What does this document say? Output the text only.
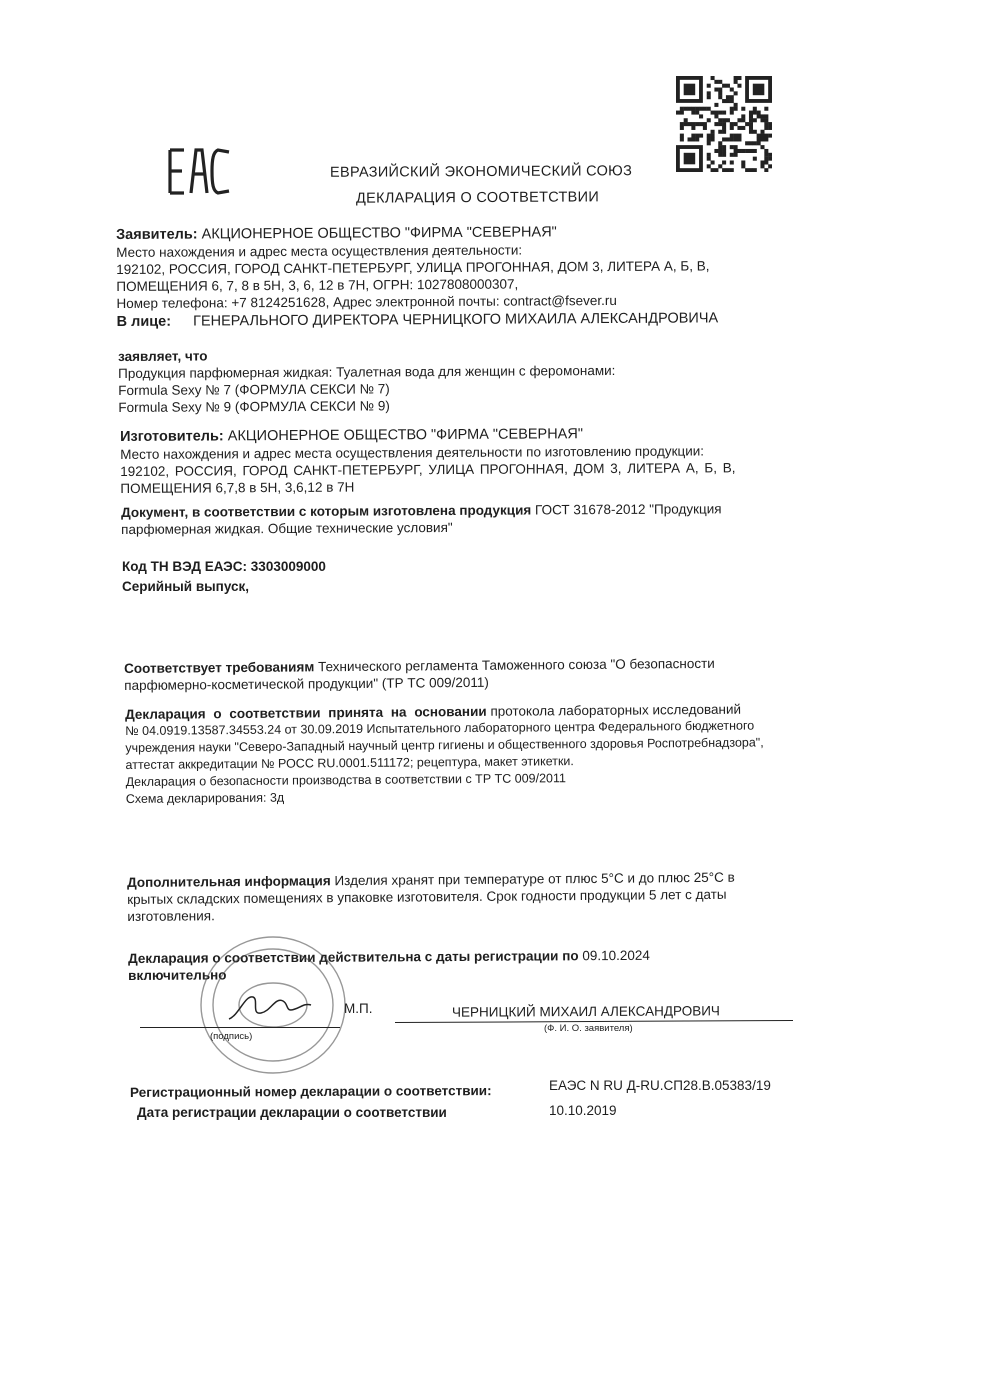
ЕВРАЗИЙСКИЙ ЭКОНОМИЧЕСКИЙ СОЮЗ
ДЕКЛАРАЦИЯ О СООТВЕТСТВИИ
Заявитель: АКЦИОНЕРНОЕ ОБЩЕСТВО "ФИРМА "СЕВЕРНАЯ"
Место нахождения и адрес места осуществления деятельности:
192102, РОССИЯ, ГОРОД САНКТ-ПЕТЕРБУРГ, УЛИЦА ПРОГОННАЯ, ДОМ 3, ЛИТЕРА А, Б, В,
ПОМЕЩЕНИЯ 6, 7, 8 в 5Н, 3, 6, 12 в 7Н, ОГРН: 1027808000307,
Номер телефона: +7 8124251628, Адрес электронной почты: contract@fsever.ru
В лице: ГЕНЕРАЛЬНОГО ДИРЕКТОРА ЧЕРНИЦКОГО МИХАИЛА АЛЕКСАНДРОВИЧА
заявляет, что
Продукция парфюмерная жидкая: Туалетная вода для женщин с феромонами:
Formula Sexy № 7 (ФОРМУЛА СЕКСИ № 7)
Formula Sexy № 9 (ФОРМУЛА СЕКСИ № 9)
Изготовитель: АКЦИОНЕРНОЕ ОБЩЕСТВО "ФИРМА "СЕВЕРНАЯ"
Место нахождения и адрес места осуществления деятельности по изготовлению продукции:
192102, РОССИЯ, ГОРОД САНКТ-ПЕТЕРБУРГ, УЛИЦА ПРОГОННАЯ, ДОМ 3, ЛИТЕРА А, Б, В,
ПОМЕЩЕНИЯ 6,7,8 в 5Н, 3,6,12 в 7Н
Документ, в соответствии с которым изготовлена продукция ГОСТ 31678-2012 "Продукция
парфюмерная жидкая. Общие технические условия"
Код ТН ВЭД ЕАЭС: 3303009000
Серийный выпуск,
Соответствует требованиям Технического регламента Таможенного союза "О безопасности
парфюмерно-косметической продукции" (ТР ТС 009/2011)
Декларация о соответствии принята на основании протокола лабораторных исследований
№ 04.0919.13587.34553.24 от 30.09.2019 Испытательного лабораторного центра Федерального бюджетного
учреждения науки "Северо-Западный научный центр гигиены и общественного здоровья Роспотребнадзора",
аттестат аккредитации № РОСС RU.0001.511172; рецептура, макет этикетки.
Декларация о безопасности производства в соответствии с ТР ТС 009/2011
Схема декларирования: 3д
Дополнительная информация Изделия хранят при температуре от плюс 5°С и до плюс 25°С в
крытых складских помещениях в упаковке изготовителя. Срок годности продукции 5 лет с даты
изготовления.
Декларация о соответствии действительна с даты регистрации по 09.10.2024
включительно
(подпись)
М.П.	ЧЕРНИЦКИЙ МИХАИЛ АЛЕКСАНДРОВИЧ
(Ф. И. О. заявителя)
Регистрационный номер декларации о соответствии:	ЕАЭС N RU Д-RU.СП28.В.05383/19
Дата регистрации декларации о соответствии	10.10.2019
